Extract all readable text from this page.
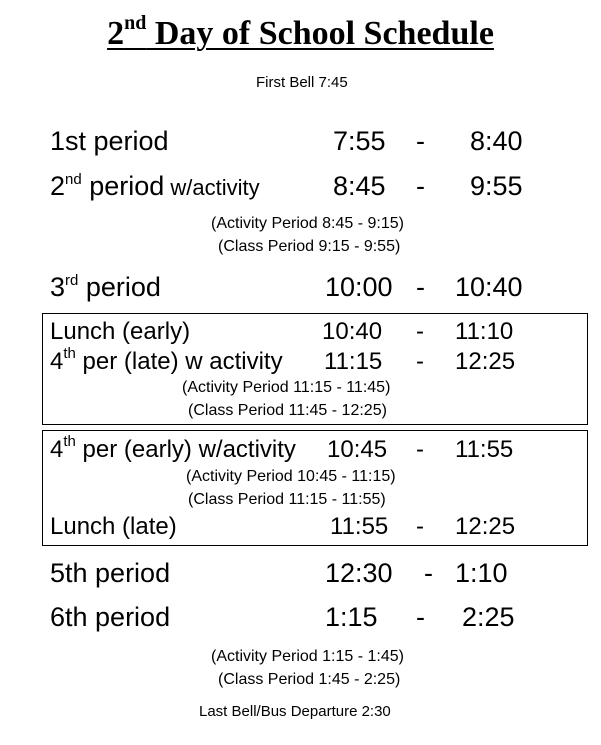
2nd Day of School Schedule
First Bell 7:45
1st period	7:55 - 8:40
2nd period w/activity	8:45 - 9:55
(Activity Period 8:45 - 9:15)
(Class Period 9:15 - 9:55)
3rd period	10:00 - 10:40
Lunch (early)	10:40 - 11:10
4th per (late) w activity 11:15 - 12:25
(Activity Period 11:15 - 11:45)
(Class Period 11:45 - 12:25)
4th per (early) w/activity 10:45 - 11:55
(Activity Period 10:45 - 11:15)
(Class Period 11:15 - 11:55)
Lunch (late)	11:55 - 12:25
5th period	12:30 - 1:10
6th period	1:15 - 2:25
(Activity Period 1:15 - 1:45)
(Class Period 1:45 - 2:25)
Last Bell/Bus Departure 2:30
